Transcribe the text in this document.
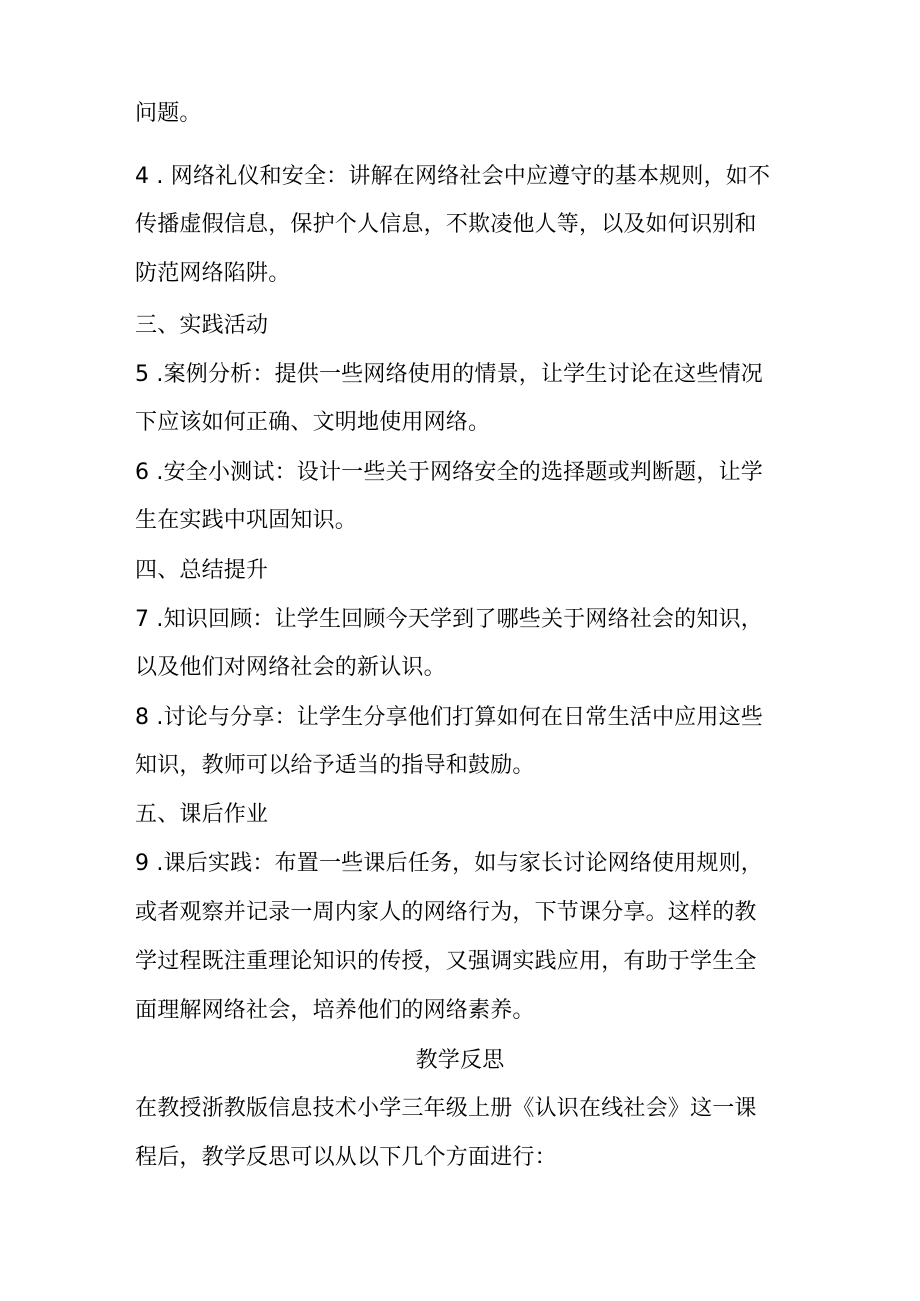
问题。
4 . 网络礼仪和安全：讲解在网络社会中应遵守的基本规则，如不
传播虚假信息，保护个人信息，不欺凌他人等，以及如何识别和
防范网络陷阱。
三、实践活动
5 .案例分析：提供一些网络使用的情景，让学生讨论在这些情况
下应该如何正确、文明地使用网络。
6 .安全小测试：设计一些关于网络安全的选择题或判断题，让学
生在实践中巩固知识。
四、总结提升
7 .知识回顾：让学生回顾今天学到了哪些关于网络社会的知识，
以及他们对网络社会的新认识。
8 .讨论与分享：让学生分享他们打算如何在日常生活中应用这些
知识，教师可以给予适当的指导和鼓励。
五、课后作业
9 .课后实践：布置一些课后任务，如与家长讨论网络使用规则，
或者观察并记录一周内家人的网络行为，下节课分享。这样的教
学过程既注重理论知识的传授，又强调实践应用，有助于学生全
面理解网络社会，培养他们的网络素养。
教学反思
在教授浙教版信息技术小学三年级上册《认识在线社会》这一课
程后，教学反思可以从以下几个方面进行：
